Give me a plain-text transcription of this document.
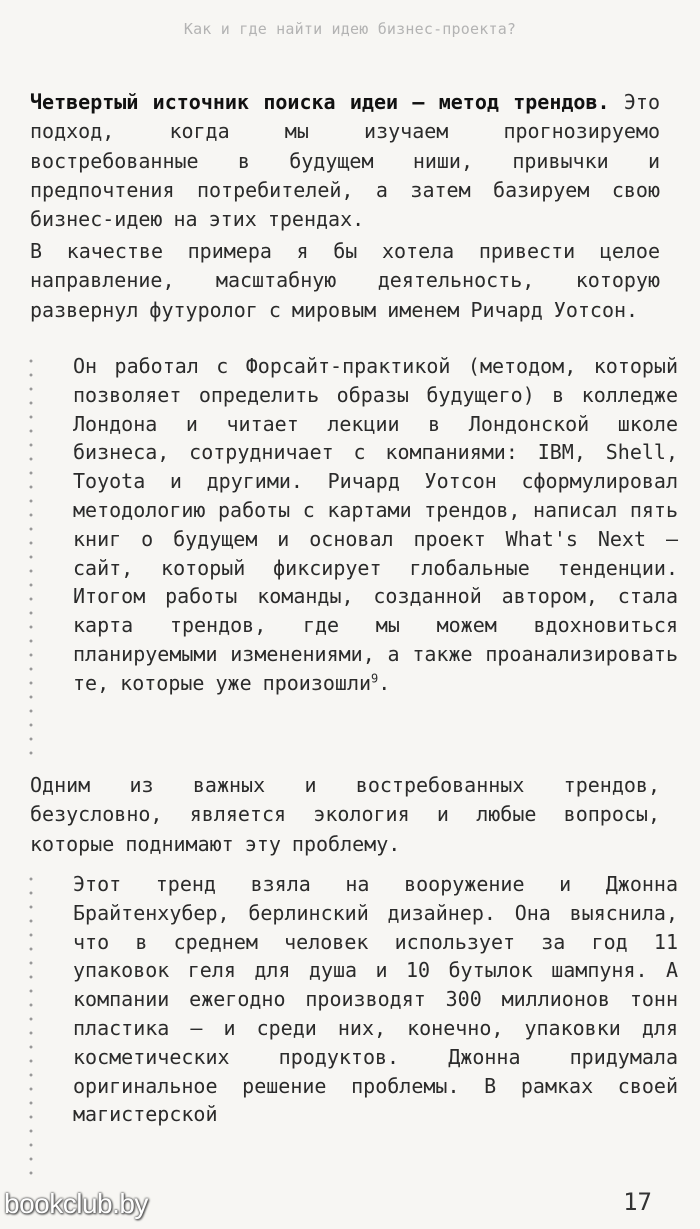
Как и где найти идею бизнес-проекта?

Четвертый источник поиска идеи — метод трендов. Это подход, когда мы изучаем прогнозируемо востребованные в будущем ниши, привычки и предпочтения потребителей, а затем базируем свою бизнес-идею на этих трендах.

В качестве примера я бы хотела привести целое направление, масштабную деятельность, которую развернул футуролог с мировым именем Ричард Уотсон.

Он работал с Форсайт-практикой (методом, который позволяет определить образы будущего) в колледже Лондона и читает лекции в Лондонской школе бизнеса, сотрудничает с компаниями: IBM, Shell, Toyota и другими. Ричард Уотсон сформулировал методологию работы с картами трендов, написал пять книг о будущем и основал проект What's Next — сайт, который фиксирует глобальные тенденции. Итогом работы команды, созданной автором, стала карта трендов, где мы можем вдохновиться планируемыми изменениями, а также проанализировать те, которые уже произошли$^9$.

Одним из важных и востребованных трендов, безусловно, является экология и любые вопросы, которые поднимают эту проблему.

Этот тренд взяла на вооружение и Джонна Брайтенхубер, берлинский дизайнер. Она выяснила, что в среднем человек использует за год 11 упаковок геля для душа и 10 бутылок шампуня. А компании ежегодно производят 300 миллионов тонн пластика — и среди них, конечно, упаковки для косметических продуктов. Джонна придумала оригинальное решение проблемы. В рамках своей магистерской

bookclub.by	17
